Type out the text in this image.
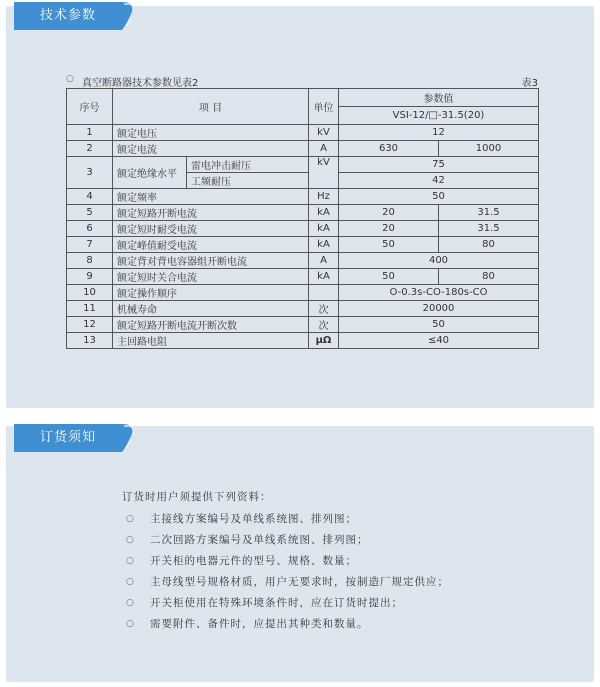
技术参数
○ 真空断路器技术参数见表2	表3
序号	项 目		单位	参数值	
				VSI-12/□-31.5(20)	
1	额定电压		kV	12	
2	额定电流		A	630	1000
3	额定绝缘水平	雷电冲击耐压	kV	75	
		工频耐压		42	
4	额定频率		Hz	50	
5	额定短路开断电流		kA	20	31.5
6	额定短时耐受电流		kA	20	31.5
7	额定峰值耐受电流		kA	50	80
8	额定背对背电容器组开断电流		A	400	
9	额定短时关合电流		kA	50	80
10	额定操作顺序			O-0.3s-CO-180s-CO	
11	机械寿命		次	20000	
12	额定短路开断电流开断次数		次	50	
13	主回路电阻		μΩ	≤40	
订货须知
订货时用户须提供下列资料：
○ 主接线方案编号及单线系统图、排列图；
○ 二次回路方案编号及单线系统图、排列图；
○ 开关柜的电器元件的型号、规格、数量；
○ 主母线型号规格材质，用户无要求时，按制造厂规定供应；
○ 开关柜使用在特殊环境条件时，应在订货时提出；
○ 需要附件、备件时，应提出其种类和数量。
